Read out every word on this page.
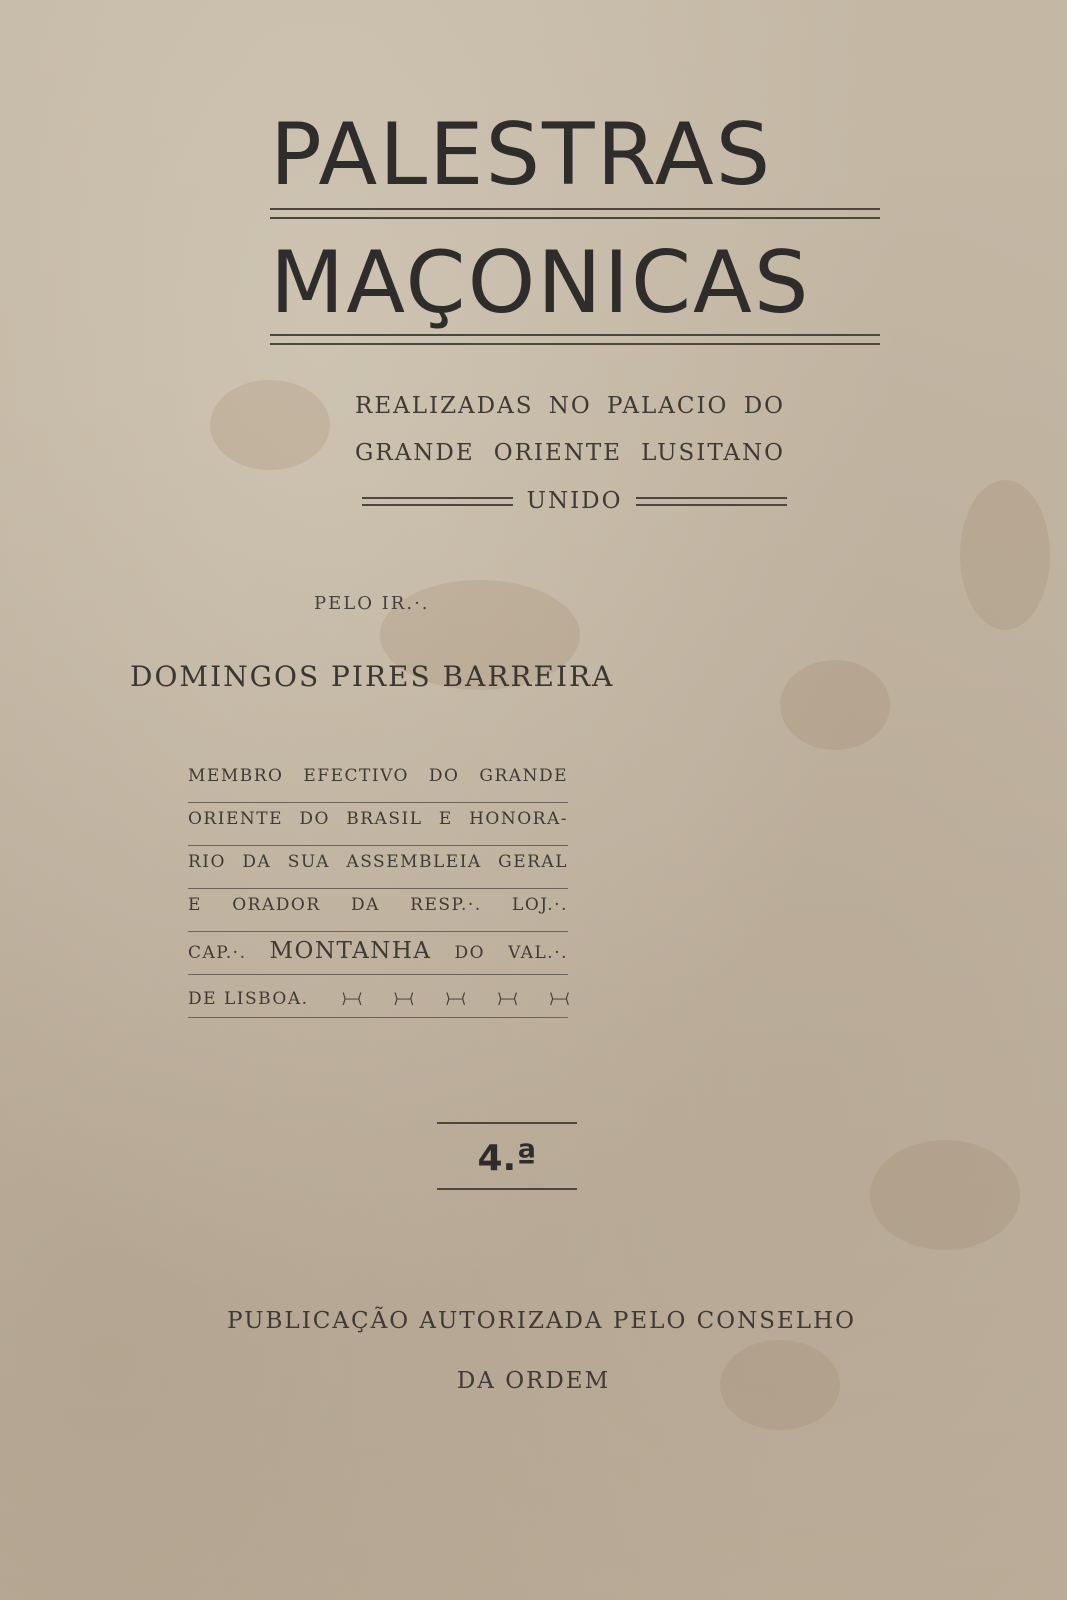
PALESTRAS
MAÇONICAS
REALIZADAS NO PALACIO DO
GRANDE ORIENTE LUSITANO
UNIDO
PELO IR.·.
DOMINGOS PIRES BARREIRA
MEMBRO EFECTIVO DO GRANDE
ORIENTE DO BRASIL E HONORA-
RIO DA SUA ASSEMBLEIA GERAL
E ORADOR DA RESP.·. LOJ.·.
CAP.·. MONTANHA DO VAL.·.
DE LISBOA. ⟩—⟨ ⟩—⟨ ⟩—⟨ ⟩—⟨ ⟩—⟨
4.ª
PUBLICAÇÃO AUTORIZADA PELO CONSELHO
DA ORDEM
